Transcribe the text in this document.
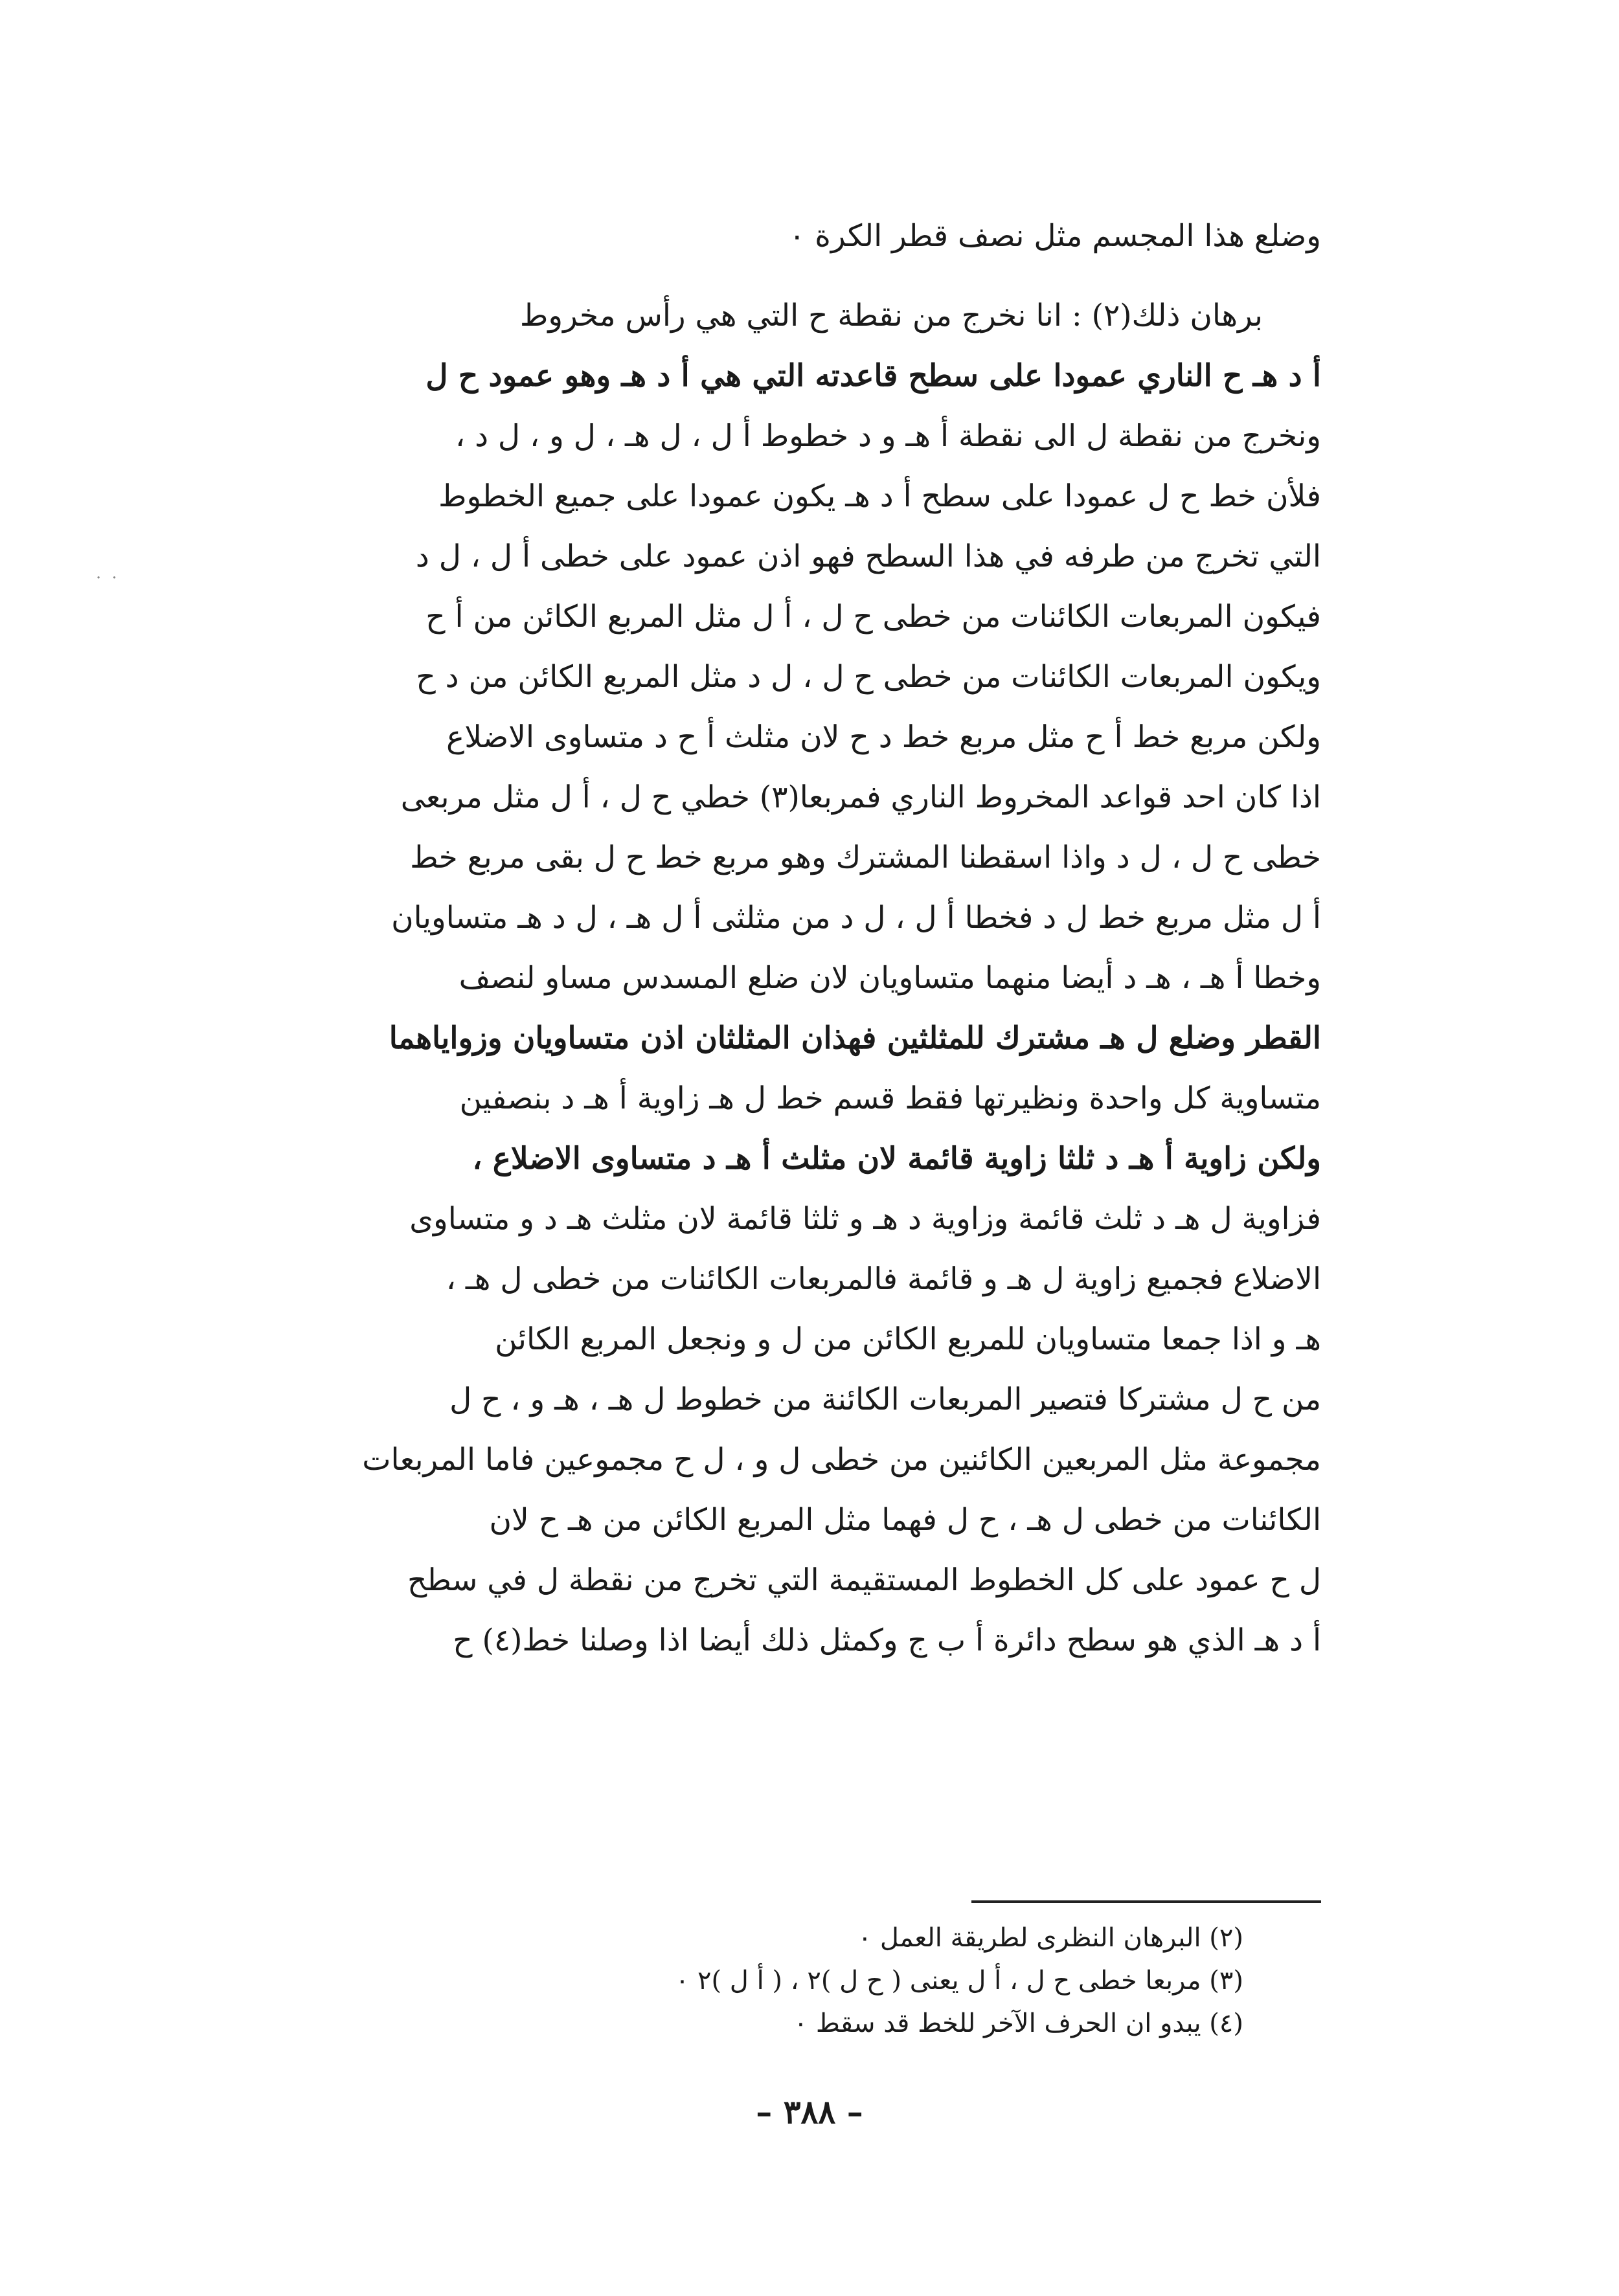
وضلع هذا المجسم مثل نصف قطر الكرة ٠
برهان ذلك(٢) : انا نخرج من نقطة ح التي هي رأس مخروط
أ د هـ ح الناري عمودا على سطح قاعدته التي هي أ د هـ وهو عمود ح ل
ونخرج من نقطة ل الى نقطة أ هـ و د خطوط أ ل ، ل هـ ، ل و ، ل د ،
فلأن خط ح ل عمودا على سطح أ د هـ يكون عمودا على جميع الخطوط
التي تخرج من طرفه في هذا السطح فهو اذن عمود على خطى أ ل ، ل د
فيكون المربعات الكائنات من خطى ح ل ، أ ل مثل المربع الكائن من أ ح
ويكون المربعات الكائنات من خطى ح ل ، ل د مثل المربع الكائن من د ح
ولكن مربع خط أ ح مثل مربع خط د ح لان مثلث أ ح د متساوى الاضلاع
اذا كان احد قواعد المخروط الناري فمربعا(٣) خطي ح ل ، أ ل مثل مربعى
خطى ح ل ، ل د واذا اسقطنا المشترك وهو مربع خط ح ل بقى مربع خط
أ ل مثل مربع خط ل د فخطا أ ل ، ل د من مثلثى أ ل هـ ، ل د هـ متساويان
وخطا أ هـ ، هـ د أيضا منهما متساويان لان ضلع المسدس مساو لنصف
القطر وضلع ل هـ مشترك للمثلثين فهذان المثلثان اذن متساويان وزواياهما
متساوية كل واحدة ونظيرتها فقط قسم خط ل هـ زاوية أ هـ د بنصفين
ولكن زاوية أ هـ د ثلثا زاوية قائمة لان مثلث أ هـ د متساوى الاضلاع ،
فزاوية ل هـ د ثلث قائمة وزاوية د هـ و ثلثا قائمة لان مثلث هـ د و متساوى
الاضلاع فجميع زاوية ل هـ و قائمة فالمربعات الكائنات من خطى ل هـ ،
هـ و اذا جمعا متساويان للمربع الكائن من ل و ونجعل المربع الكائن
من ح ل مشتركا فتصير المربعات الكائنة من خطوط ل هـ ، هـ و ، ح ل
مجموعة مثل المربعين الكائنين من خطى ل و ، ل ح مجموعين فاما المربعات
الكائنات من خطى ل هـ ، ح ل فهما مثل المربع الكائن من هـ ح لان
ل ح عمود على كل الخطوط المستقيمة التي تخرج من نقطة ل في سطح
أ د هـ الذي هو سطح دائرة أ ب ج وكمثل ذلك أيضا اذا وصلنا خط(٤) ح
(٢) البرهان النظرى لطريقة العمل ٠
(٣) مربعا خطى ح ل ، أ ل يعنى ( ح ل )٢ ، ( أ ل )٢ ٠
(٤) يبدو ان الحرف الآخر للخط قد سقط ٠
– ٣٨٨ –
· ·
